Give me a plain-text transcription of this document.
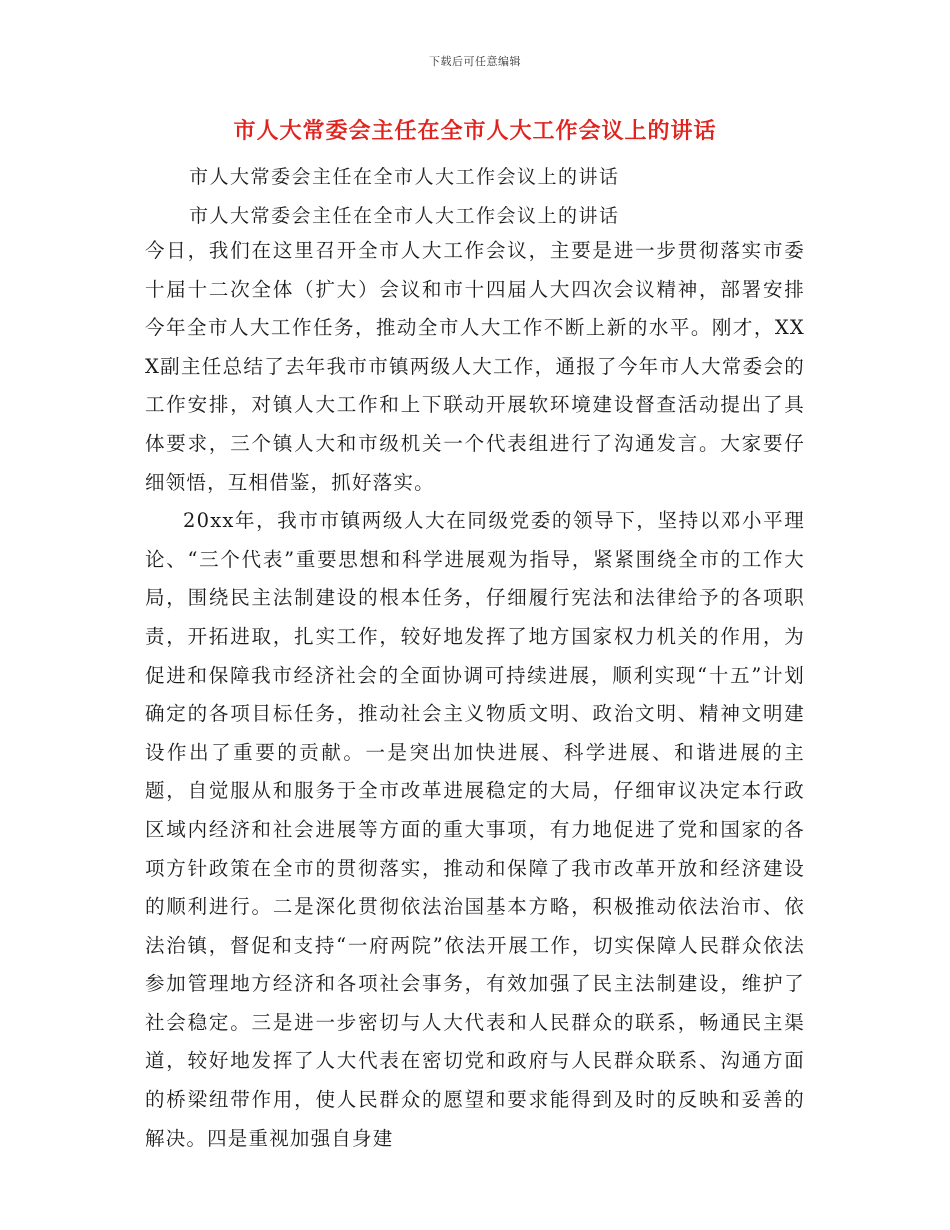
下载后可任意编辑
市人大常委会主任在全市人大工作会议上的讲话
市人大常委会主任在全市人大工作会议上的讲话
市人大常委会主任在全市人大工作会议上的讲话

今日，我们在这里召开全市人大工作会议，主要是进一步贯彻落实市委十届十二次全体（扩大）会议和市十四届人大四次会议精神，部署安排今年全市人大工作任务，推动全市人大工作不断上新的水平。刚才，XXX副主任总结了去年我市市镇两级人大工作，通报了今年市人大常委会的工作安排，对镇人大工作和上下联动开展软环境建设督查活动提出了具体要求，三个镇人大和市级机关一个代表组进行了沟通发言。大家要仔细领悟，互相借鉴，抓好落实。

20xx年，我市市镇两级人大在同级党委的领导下，坚持以邓小平理论、“三个代表”重要思想和科学进展观为指导，紧紧围绕全市的工作大局，围绕民主法制建设的根本任务，仔细履行宪法和法律给予的各项职责，开拓进取，扎实工作，较好地发挥了地方国家权力机关的作用，为促进和保障我市经济社会的全面协调可持续进展，顺利实现“十五”计划确定的各项目标任务，推动社会主义物质文明、政治文明、精神文明建设作出了重要的贡献。一是突出加快进展、科学进展、和谐进展的主题，自觉服从和服务于全市改革进展稳定的大局，仔细审议决定本行政区域内经济和社会进展等方面的重大事项，有力地促进了党和国家的各项方针政策在全市的贯彻落实，推动和保障了我市改革开放和经济建设的顺利进行。二是深化贯彻依法治国基本方略，积极推动依法治市、依法治镇，督促和支持“一府两院”依法开展工作，切实保障人民群众依法参加管理地方经济和各项社会事务，有效加强了民主法制建设，维护了社会稳定。三是进一步密切与人大代表和人民群众的联系，畅通民主渠道，较好地发挥了人大代表在密切党和政府与人民群众联系、沟通方面的桥梁纽带作用，使人民群众的愿望和要求能得到及时的反映和妥善的解决。四是重视加强自身建
